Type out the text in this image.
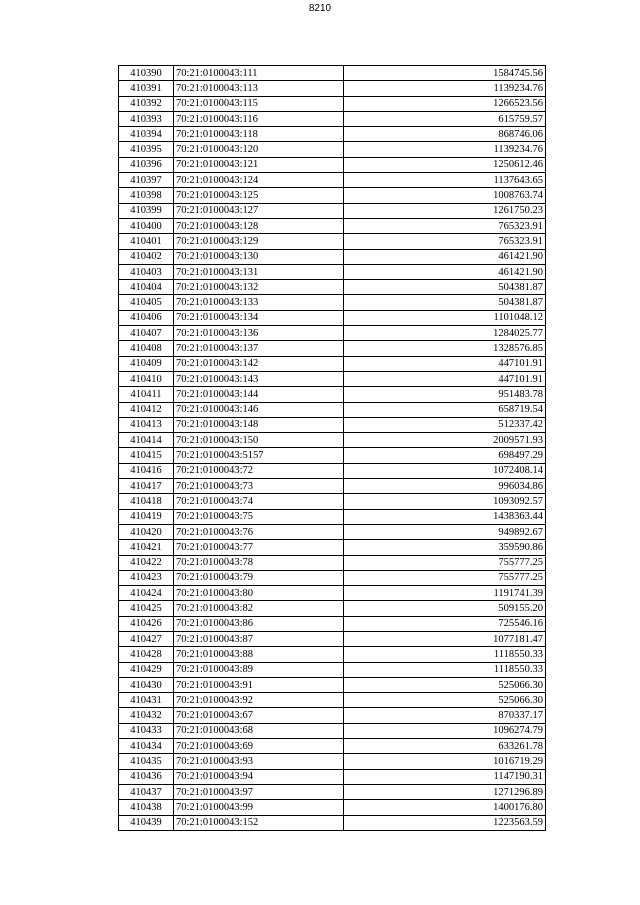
8210
410390	70:21:0100043:111	1584745.56
410391	70:21:0100043:113	1139234.76
410392	70:21:0100043:115	1266523.56
410393	70:21:0100043:116	615759.57
410394	70:21:0100043:118	868746.06
410395	70:21:0100043:120	1139234.76
410396	70:21:0100043:121	1250612.46
410397	70:21:0100043:124	1137643.65
410398	70:21:0100043:125	1008763.74
410399	70:21:0100043:127	1261750.23
410400	70:21:0100043:128	765323.91
410401	70:21:0100043:129	765323.91
410402	70:21:0100043:130	461421.90
410403	70:21:0100043:131	461421.90
410404	70:21:0100043:132	504381.87
410405	70:21:0100043:133	504381.87
410406	70:21:0100043:134	1101048.12
410407	70:21:0100043:136	1284025.77
410408	70:21:0100043:137	1328576.85
410409	70:21:0100043:142	447101.91
410410	70:21:0100043:143	447101.91
410411	70:21:0100043:144	951483.78
410412	70:21:0100043:146	658719.54
410413	70:21:0100043:148	512337.42
410414	70:21:0100043:150	2009571.93
410415	70:21:0100043:5157	698497.29
410416	70:21:0100043:72	1072408.14
410417	70:21:0100043:73	996034.86
410418	70:21:0100043:74	1093092.57
410419	70:21:0100043:75	1438363.44
410420	70:21:0100043:76	949892.67
410421	70:21:0100043:77	359590.86
410422	70:21:0100043:78	755777.25
410423	70:21:0100043:79	755777.25
410424	70:21:0100043:80	1191741.39
410425	70:21:0100043:82	509155.20
410426	70:21:0100043:86	725546.16
410427	70:21:0100043:87	1077181.47
410428	70:21:0100043:88	1118550.33
410429	70:21:0100043:89	1118550.33
410430	70:21:0100043:91	525066.30
410431	70:21:0100043:92	525066.30
410432	70:21:0100043:67	870337.17
410433	70:21:0100043:68	1096274.79
410434	70:21:0100043:69	633261.78
410435	70:21:0100043:93	1016719.29
410436	70:21:0100043:94	1147190.31
410437	70:21:0100043:97	1271296.89
410438	70:21:0100043:99	1400176.80
410439	70:21:0100043:152	1223563.59
